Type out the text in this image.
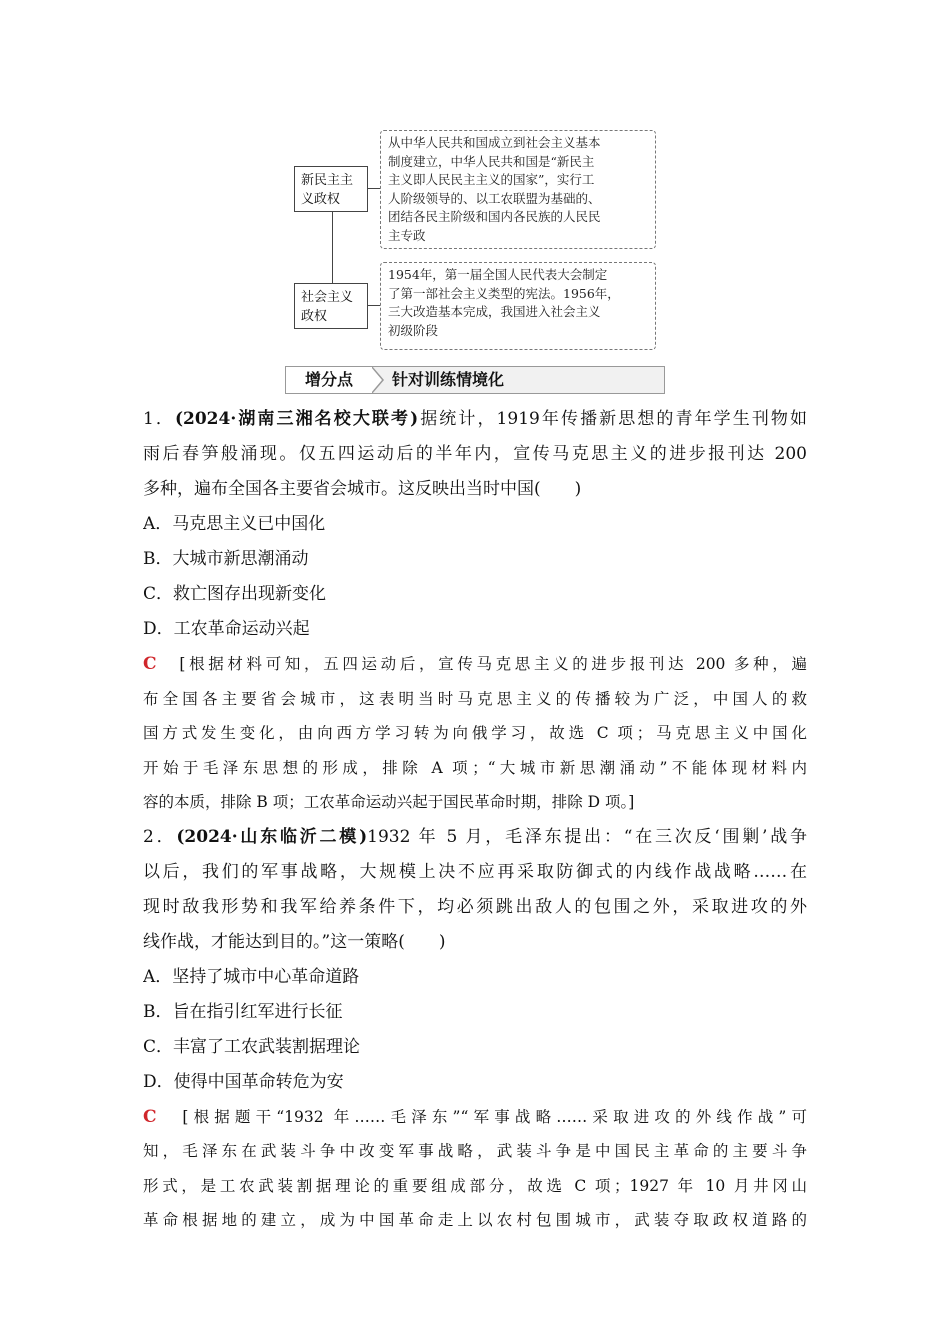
新民主主
义政权
从中华人民共和国成立到社会主义基本
制度建立，中华人民共和国是“新民主
主义即人民民主主义的国家”，实行工
人阶级领导的、以工农联盟为基础的、
团结各民主阶级和国内各民族的人民民
主专政
社会主义
政权
1954年，第一届全国人民代表大会制定
了第一部社会主义类型的宪法。1956年，
三大改造基本完成，我国进入社会主义
初级阶段
增分点	针对训练情境化
1．(2024·湖南三湘名校大联考)据统计，1919年传播新思想的青年学生刊物如
雨后春笋般涌现。仅五四运动后的半年内，宣传马克思主义的进步报刊达 200
多种，遍布全国各主要省会城市。这反映出当时中国(　　)
A．马克思主义已中国化
B．大城市新思潮涌动
C．救亡图存出现新变化
D．工农革命运动兴起
C　 [根据材料可知，五四运动后，宣传马克思主义的进步报刊达 200 多种，遍
布全国各主要省会城市，这表明当时马克思主义的传播较为广泛，中国人的救
国方式发生变化，由向西方学习转为向俄学习，故选 C 项；马克思主义中国化
开始于毛泽东思想的形成，排除 A 项；“大城市新思潮涌动”不能体现材料内
容的本质，排除 B 项；工农革命运动兴起于国民革命时期，排除 D 项。]
2．(2024·山东临沂二模)1932 年 5 月，毛泽东提出：“在三次反‘围剿’战争
以后，我们的军事战略，大规模上决不应再采取防御式的内线作战战略……在
现时敌我形势和我军给养条件下，均必须跳出敌人的包围之外，采取进攻的外
线作战，才能达到目的。”这一策略(　　)
A．坚持了城市中心革命道路
B．旨在指引红军进行长征
C．丰富了工农武装割据理论
D．使得中国革命转危为安
C　 [根据题干“1932 年……毛泽东”“军事战略……采取进攻的外线作战”可
知，毛泽东在武装斗争中改变军事战略，武装斗争是中国民主革命的主要斗争
形式，是工农武装割据理论的重要组成部分，故选 C 项；1927 年 10 月井冈山
革命根据地的建立，成为中国革命走上以农村包围城市，武装夺取政权道路的
